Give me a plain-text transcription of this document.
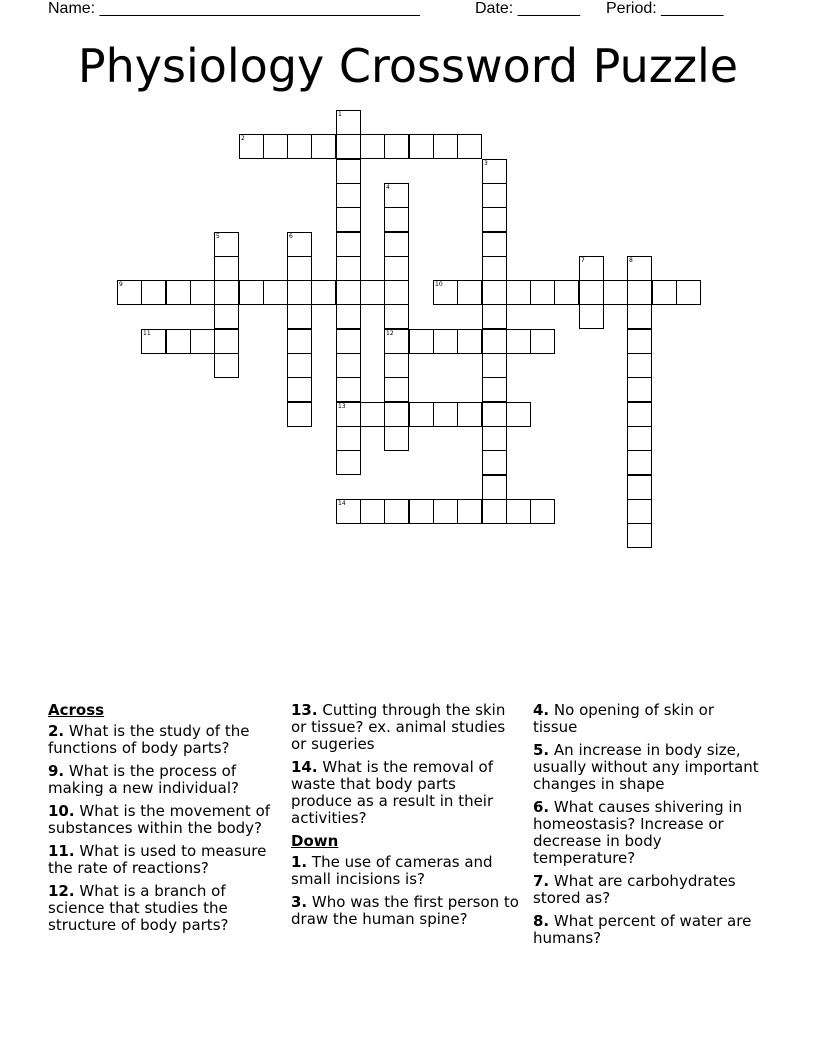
Name: ____________________________________	Date: _______ Period: _______
Physiology Crossword Puzzle
1
13
2
3
4
12
5	6
7	8
9	10
11
14
Across
2. What is the study of the functions of body parts?
9. What is the process of making a new individual?
10. What is the movement of substances within the body?
11. What is used to measure the rate of reactions?
12. What is a branch of science that studies the structure of body parts?
13. Cutting through the skin or tissue? ex. animal studies or sugeries
14. What is the removal of waste that body parts produce as a result in their activities?
Down
1. The use of cameras and small incisions is?
3. Who was the first person to draw the human spine?
4. No opening of skin or tissue
5. An increase in body size, usually without any important changes in shape
6. What causes shivering in homeostasis? Increase or decrease in body temperature?
7. What are carbohydrates stored as?
8. What percent of water are humans?
